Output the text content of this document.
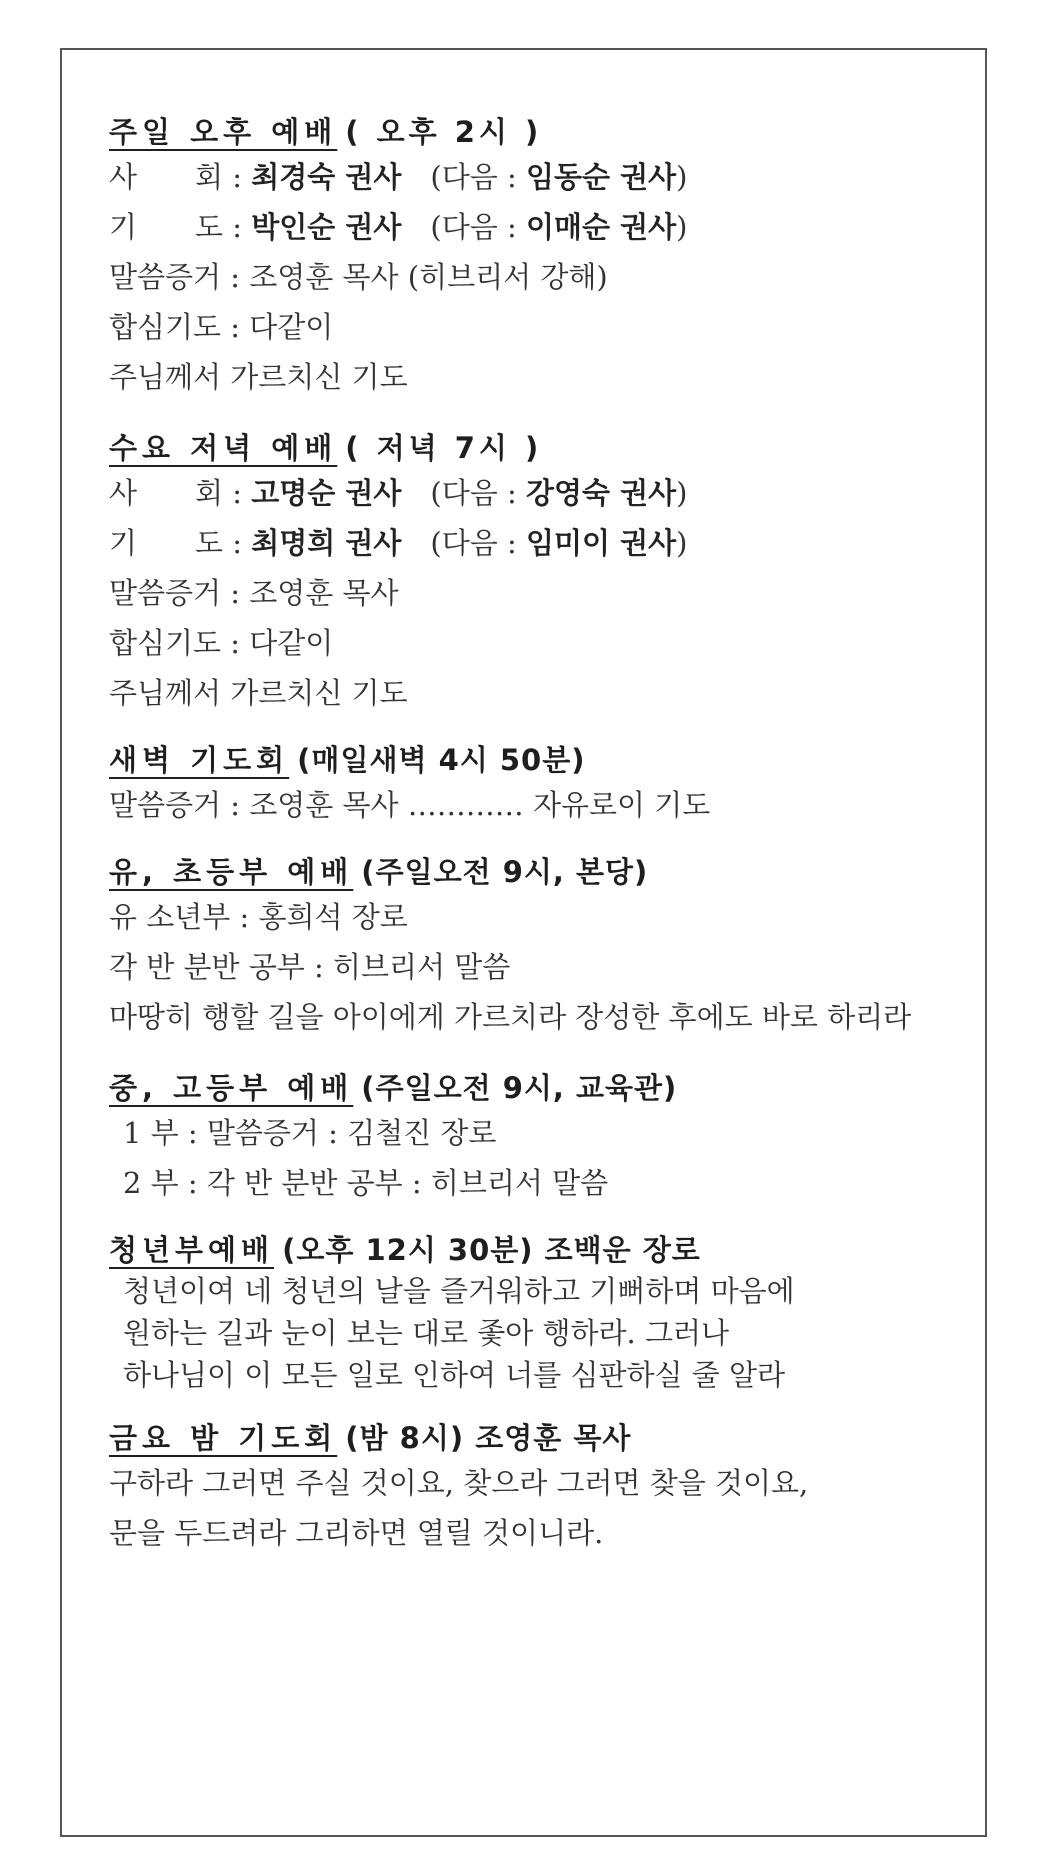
주일 오후 예배 ( 오후 2시 )
사　　회 : 최경숙 권사　(다음 : 임동순 권사)
기　　도 : 박인순 권사　(다음 : 이매순 권사)
말씀증거 : 조영훈 목사 (히브리서 강해)
합심기도 : 다같이
주님께서 가르치신 기도
수요 저녁 예배 ( 저녁 7시 )
사　　회 : 고명순 권사　(다음 : 강영숙 권사)
기　　도 : 최명희 권사　(다음 : 임미이 권사)
말씀증거 : 조영훈 목사
합심기도 : 다같이
주님께서 가르치신 기도
새벽 기도회 (매일새벽 4시 50분)
말씀증거 : 조영훈 목사 ………… 자유로이 기도
유, 초등부 예배 (주일오전 9시, 본당)
유 소년부 : 홍희석 장로
각 반 분반 공부 : 히브리서 말씀
마땅히 행할 길을 아이에게 가르치라 장성한 후에도 바로 하리라
중, 고등부 예배 (주일오전 9시, 교육관)
1 부 : 말씀증거 : 김철진 장로
2 부 : 각 반 분반 공부 : 히브리서 말씀
청년부예배 (오후 12시 30분) 조백운 장로
청년이여 네 청년의 날을 즐거워하고 기뻐하며 마음에
원하는 길과 눈이 보는 대로 좇아 행하라. 그러나
하나님이 이 모든 일로 인하여 너를 심판하실 줄 알라
금요 밤 기도회 (밤 8시) 조영훈 목사
구하라 그러면 주실 것이요, 찾으라 그러면 찾을 것이요,
문을 두드려라 그리하면 열릴 것이니라.
